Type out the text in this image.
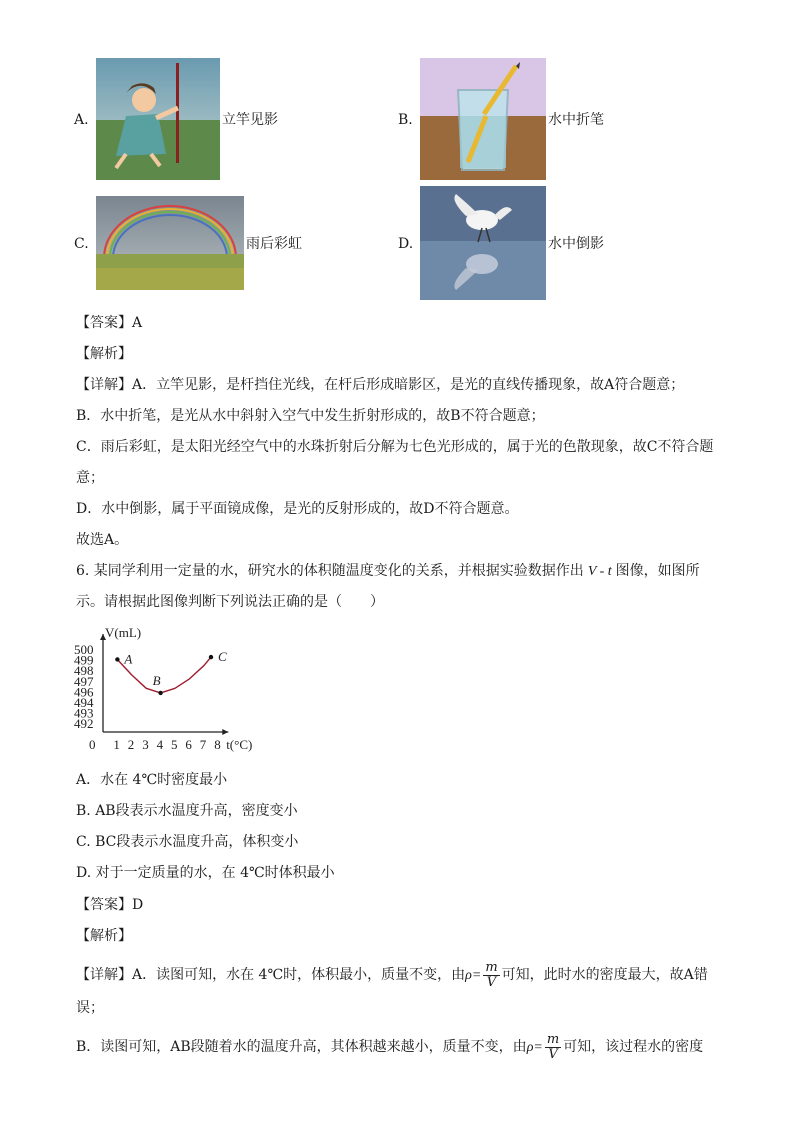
A.	立竿见影	B.	水中折笔
C.	雨后彩虹	D.	水中倒影
【答案】A
【解析】
【详解】A．立竿见影，是杆挡住光线，在杆后形成暗影区，是光的直线传播现象，故A符合题意；
B．水中折笔，是光从水中斜射入空气中发生折射形成的，故B不符合题意；
C．雨后彩虹，是太阳光经空气中的水珠折射后分解为七色光形成的，属于光的色散现象，故C不符合题
意；
D．水中倒影，属于平面镜成像，是光的反射形成的，故D不符合题意。
故选A。
6. 某同学利用一定量的水，研究水的体积随温度变化的关系，并根据实验数据作出 V - t 图像，如图所
示。请根据此图像判断下列说法正确的是（　　）
V(mL)
0 1 2 3 4 5 6 7 8 t(°C)
500
499
498
497
496
494
493
492
A
B
C
A．水在 4℃时密度最小
B. AB段表示水温度升高，密度变小
C. BC段表示水温度升高，体积变小
D. 对于一定质量的水，在 4℃时体积最小
【答案】D
【解析】
【详解】A．读图可知，水在 4℃时，体积最小，质量不变，由$\rho= \frac{m}{V}$ 可知，此时水的密度最大，故A错
误；
B．读图可知，AB段随着水的温度升高，其体积越来越小，质量不变，由$\rho= \frac{m}{V}$ 可知，该过程水的密度
